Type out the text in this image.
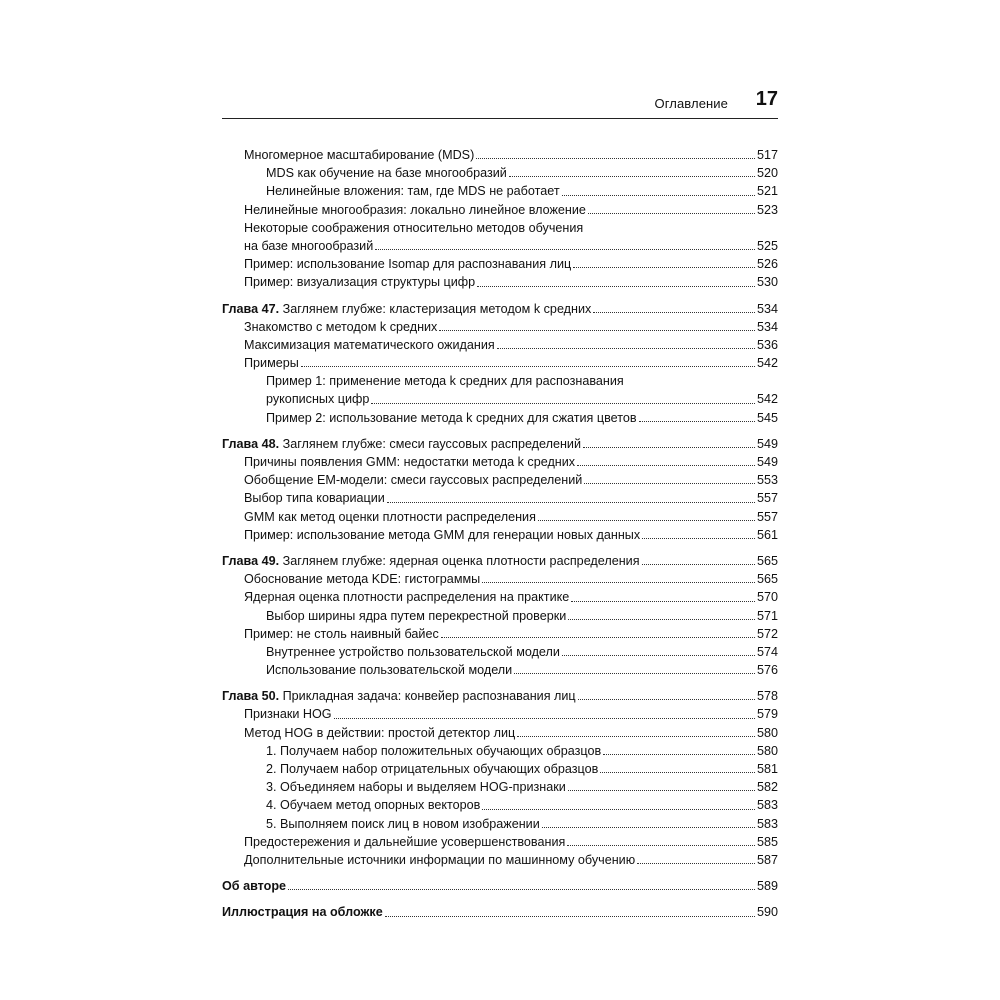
Оглавление 17
Многомерное масштабирование (MDS)	517
MDS как обучение на базе многообразий	520
Нелинейные вложения: там, где MDS не работает	521
Нелинейные многообразия: локально линейное вложение	523
Некоторые соображения относительно методов обучения
на базе многообразий	525
Пример: использование Isomap для распознавания лиц	526
Пример: визуализация структуры цифр	530
Глава 47. Заглянем глубже: кластеризация методом k средних	534
Знакомство с методом k средних	534
Максимизация математического ожидания	536
Примеры	542
Пример 1: применение метода k средних для распознавания
рукописных цифр	542
Пример 2: использование метода k средних для сжатия цветов	545
Глава 48. Заглянем глубже: смеси гауссовых распределений	549
Причины появления GMM: недостатки метода k средних	549
Обобщение EM-модели: смеси гауссовых распределений	553
Выбор типа ковариации	557
GMM как метод оценки плотности распределения	557
Пример: использование метода GMM для генерации новых данных	561
Глава 49. Заглянем глубже: ядерная оценка плотности распределения	565
Обоснование метода KDE: гистограммы	565
Ядерная оценка плотности распределения на практике	570
Выбор ширины ядра путем перекрестной проверки	571
Пример: не столь наивный байес	572
Внутреннее устройство пользовательской модели	574
Использование пользовательской модели	576
Глава 50. Прикладная задача: конвейер распознавания лиц	578
Признаки HOG	579
Метод HOG в действии: простой детектор лиц	580
1. Получаем набор положительных обучающих образцов	580
2. Получаем набор отрицательных обучающих образцов	581
3. Объединяем наборы и выделяем HOG-признаки	582
4. Обучаем метод опорных векторов	583
5. Выполняем поиск лиц в новом изображении	583
Предостережения и дальнейшие усовершенствования	585
Дополнительные источники информации по машинному обучению	587
Об авторе	589
Иллюстрация на обложке	590
